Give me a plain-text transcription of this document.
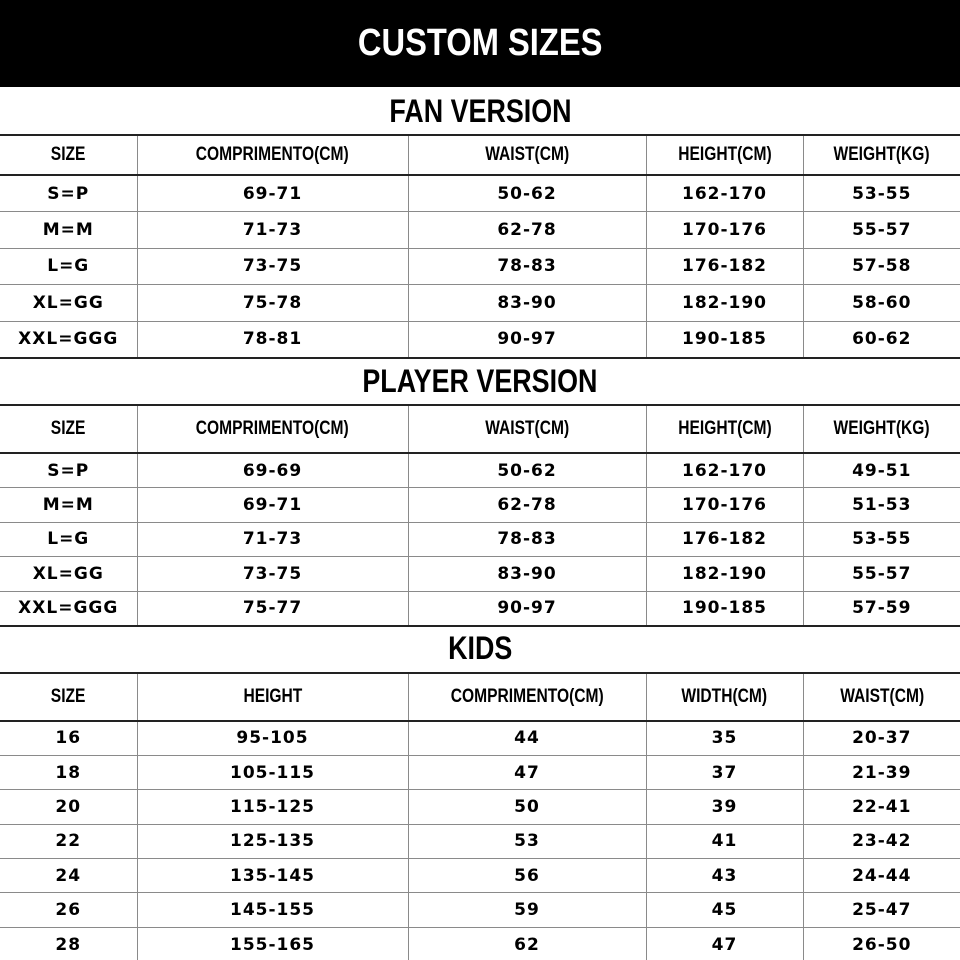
CUSTOM SIZES
FAN VERSION
SIZE	COMPRIMENTO(CM)	WAIST(CM)	HEIGHT(CM)	WEIGHT(KG)
S=P	69-71	50-62	162-170	53-55
M=M	71-73	62-78	170-176	55-57
L=G	73-75	78-83	176-182	57-58
XL=GG	75-78	83-90	182-190	58-60
XXL=GGG	78-81	90-97	190-185	60-62
PLAYER VERSION
SIZE	COMPRIMENTO(CM)	WAIST(CM)	HEIGHT(CM)	WEIGHT(KG)
S=P	69-69	50-62	162-170	49-51
M=M	69-71	62-78	170-176	51-53
L=G	71-73	78-83	176-182	53-55
XL=GG	73-75	83-90	182-190	55-57
XXL=GGG	75-77	90-97	190-185	57-59
KIDS
SIZE	HEIGHT	COMPRIMENTO(CM)	WIDTH(CM)	WAIST(CM)
16	95-105	44	35	20-37
18	105-115	47	37	21-39
20	115-125	50	39	22-41
22	125-135	53	41	23-42
24	135-145	56	43	24-44
26	145-155	59	45	25-47
28	155-165	62	47	26-50
